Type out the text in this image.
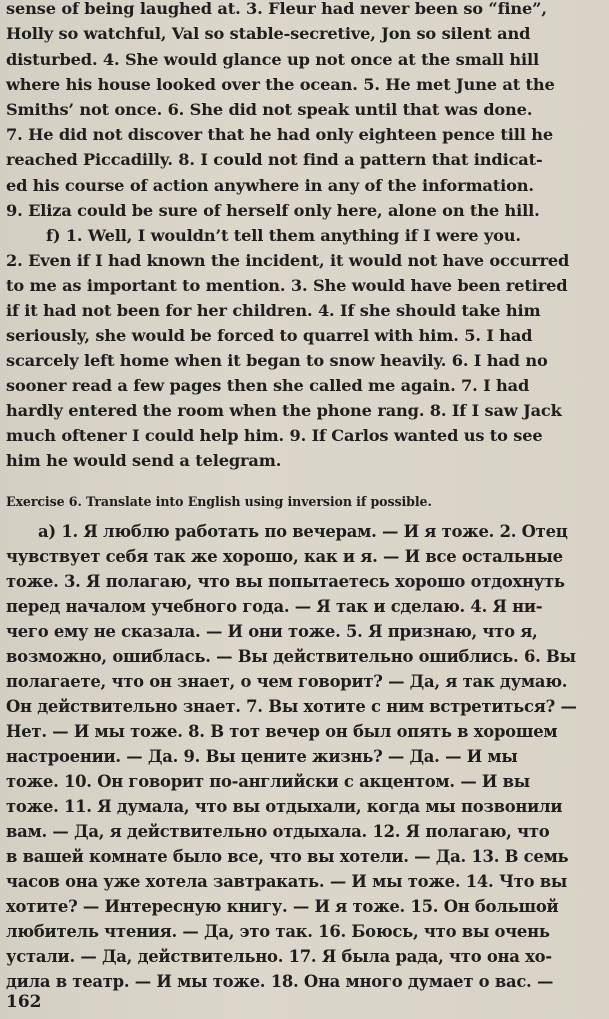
sense of being laughed at. 3. Fleur had never been so “fine”,
Holly so watchful, Val so stable-secretive, Jon so silent and
disturbed. 4. She would glance up not once at the small hill
where his house looked over the ocean. 5. He met June at the
Smiths’ not once. 6. She did not speak until that was done.
7. He did not discover that he had only eighteen pence till he
reached Piccadilly. 8. I could not find a pattern that indicat-
ed his course of action anywhere in any of the information.
9. Eliza could be sure of herself only here, alone on the hill.
f) 1. Well, I wouldn’t tell them anything if I were you.
2. Even if I had known the incident, it would not have occurred
to me as important to mention. 3. She would have been retired
if it had not been for her children. 4. If she should take him
seriously, she would be forced to quarrel with him. 5. I had
scarcely left home when it began to snow heavily. 6. I had no
sooner read a few pages then she called me again. 7. I had
hardly entered the room when the phone rang. 8. If I saw Jack
much oftener I could help him. 9. If Carlos wanted us to see
him he would send a telegram.
Exercise 6. Translate into English using inversion if possible.
а) 1. Я люблю работать по вечерам. — И я тоже. 2. Отец
чувствует себя так же хорошо, как и я. — И все остальные
тоже. 3. Я полагаю, что вы попытаетесь хорошо отдохнуть
перед началом учебного года. — Я так и сделаю. 4. Я ни-
чего ему не сказала. — И они тоже. 5. Я признаю, что я,
возможно, ошиблась. — Вы действительно ошиблись. 6. Вы
полагаете, что он знает, о чем говорит? — Да, я так думаю.
Он действительно знает. 7. Вы хотите с ним встретиться? —
Нет. — И мы тоже. 8. В тот вечер он был опять в хорошем
настроении. — Да. 9. Вы цените жизнь? — Да. — И мы
тоже. 10. Он говорит по-английски с акцентом. — И вы
тоже. 11. Я думала, что вы отдыхали, когда мы позвонили
вам. — Да, я действительно отдыхала. 12. Я полагаю, что
в вашей комнате было все, что вы хотели. — Да. 13. В семь
часов она уже хотела завтракать. — И мы тоже. 14. Что вы
хотите? — Интересную книгу. — И я тоже. 15. Он большой
любитель чтения. — Да, это так. 16. Боюсь, что вы очень
устали. — Да, действительно. 17. Я была рада, что она хо-
дила в театр. — И мы тоже. 18. Она много думает о вас. —
162
